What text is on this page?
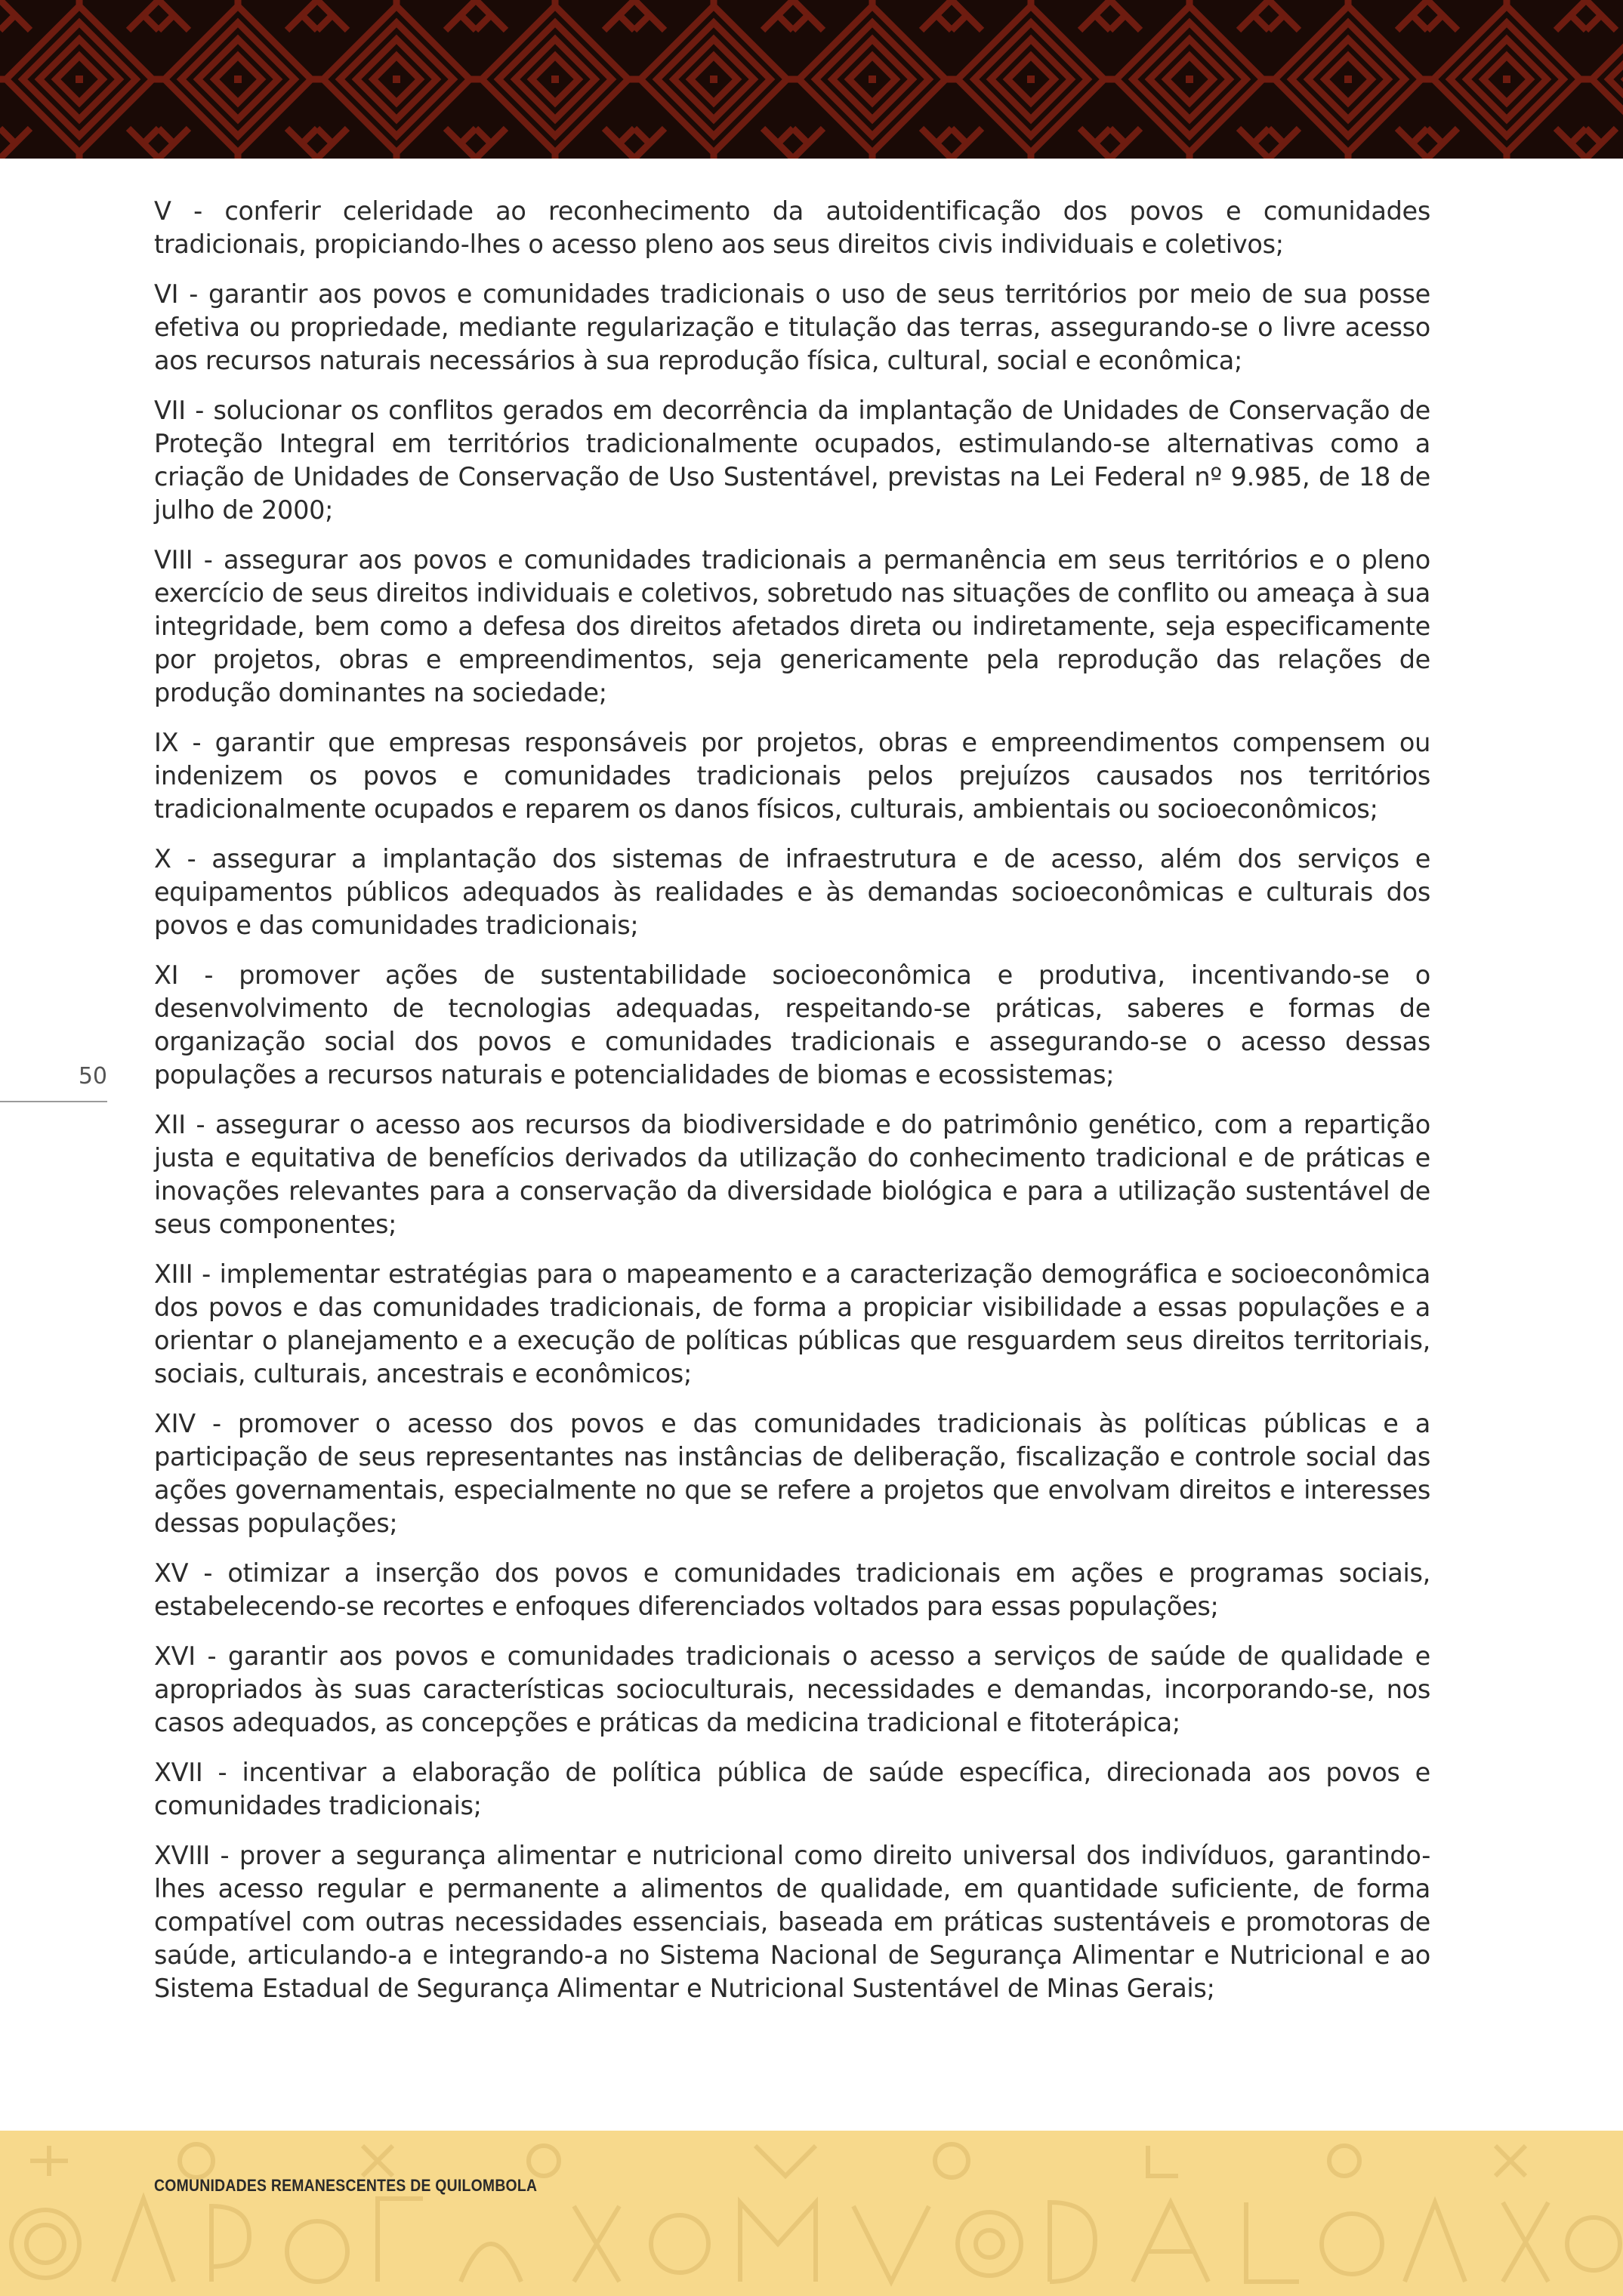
50

V - conferir celeridade ao reconhecimento da autoidentificação dos povos e comunidades tradicionais, propiciando-lhes o acesso pleno aos seus direitos civis individuais e coletivos;

VI - garantir aos povos e comunidades tradicionais o uso de seus territórios por meio de sua posse efetiva ou propriedade, mediante regularização e titulação das terras, assegurando-se o livre acesso aos recursos naturais necessários à sua reprodução física, cultural, social e econômica;

VII - solucionar os conflitos gerados em decorrência da implantação de Unidades de Conservação de Proteção Integral em territórios tradicionalmente ocupados, estimulando-se alternativas como a criação de Unidades de Conservação de Uso Sustentável, previstas na Lei Federal nº 9.985, de 18 de julho de 2000;

VIII - assegurar aos povos e comunidades tradicionais a permanência em seus territórios e o pleno exercício de seus direitos individuais e coletivos, sobretudo nas situações de conflito ou ameaça à sua integridade, bem como a defesa dos direitos afetados direta ou indiretamente, seja especificamente por projetos, obras e empreendimentos, seja genericamente pela reprodução das relações de produção dominantes na sociedade;

IX - garantir que empresas responsáveis por projetos, obras e empreendimentos compensem ou indenizem os povos e comunidades tradicionais pelos prejuízos causados nos territórios tradicionalmente ocupados e reparem os danos físicos, culturais, ambientais ou socioeconômicos;

X - assegurar a implantação dos sistemas de infraestrutura e de acesso, além dos serviços e equipamentos públicos adequados às realidades e às demandas socioeconômicas e culturais dos povos e das comunidades tradicionais;

XI - promover ações de sustentabilidade socioeconômica e produtiva, incentivando-se o desenvolvimento de tecnologias adequadas, respeitando-se práticas, saberes e formas de organização social dos povos e comunidades tradicionais e assegurando-se o acesso dessas populações a recursos naturais e potencialidades de biomas e ecossistemas;

XII - assegurar o acesso aos recursos da biodiversidade e do patrimônio genético, com a repartição justa e equitativa de benefícios derivados da utilização do conhecimento tradicional e de práticas e inovações relevantes para a conservação da diversidade biológica e para a utilização sustentável de seus componentes;

XIII - implementar estratégias para o mapeamento e a caracterização demográfica e socioeconômica dos povos e das comunidades tradicionais, de forma a propiciar visibilidade a essas populações e a orientar o planejamento e a execução de políticas públicas que resguardem seus direitos territoriais, sociais, culturais, ancestrais e econômicos;

XIV - promover o acesso dos povos e das comunidades tradicionais às políticas públicas e a participação de seus representantes nas instâncias de deliberação, fiscalização e controle social das ações governamentais, especialmente no que se refere a projetos que envolvam direitos e interesses dessas populações;

XV - otimizar a inserção dos povos e comunidades tradicionais em ações e programas sociais, estabelecendo-se recortes e enfoques diferenciados voltados para essas populações;

XVI - garantir aos povos e comunidades tradicionais o acesso a serviços de saúde de qualidade e apropriados às suas características socioculturais, necessidades e demandas, incorporando-se, nos casos adequados, as concepções e práticas da medicina tradicional e fitoterápica;

XVII - incentivar a elaboração de política pública de saúde específica, direcionada aos povos e comunidades tradicionais;

XVIII - prover a segurança alimentar e nutricional como direito universal dos indivíduos, garantindo-lhes acesso regular e permanente a alimentos de qualidade, em quantidade suficiente, de forma compatível com outras necessidades essenciais, baseada em práticas sustentáveis e promotoras de saúde, articulando-a e integrando-a no Sistema Nacional de Segurança Alimentar e Nutricional e ao Sistema Estadual de Segurança Alimentar e Nutricional Sustentável de Minas Gerais;

COMUNIDADES REMANESCENTES DE QUILOMBOLA
